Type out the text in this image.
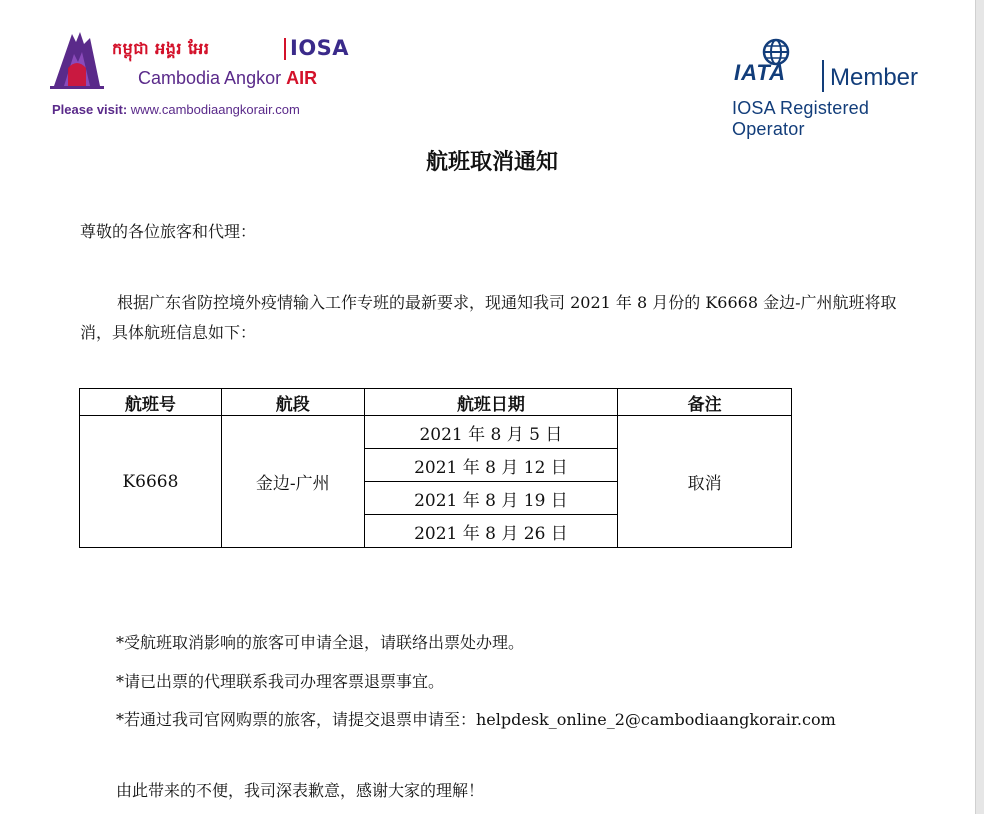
កម្ពុជា អង្គរ អែរ	IOSA
Cambodia Angkor AIR
Please visit: www.cambodiaangkorair.com
IATA Member
IOSA Registered Operator
航班取消通知
尊敬的各位旅客和代理：
根据广东省防控境外疫情输入工作专班的最新要求，现通知我司 2021 年 8 月份的 K6668 金边-广州航班将取消，具体航班信息如下：
航班号	航段	航班日期	备注
K6668	金边-广州	2021 年 8 月 5 日	取消
		2021 年 8 月 12 日	
		2021 年 8 月 19 日	
		2021 年 8 月 26 日	
*受航班取消影响的旅客可申请全退，请联络出票处办理。
*请已出票的代理联系我司办理客票退票事宜。
*若通过我司官网购票的旅客，请提交退票申请至：helpdesk_online_2@cambodiaangkorair.com
由此带来的不便，我司深表歉意，感谢大家的理解！
